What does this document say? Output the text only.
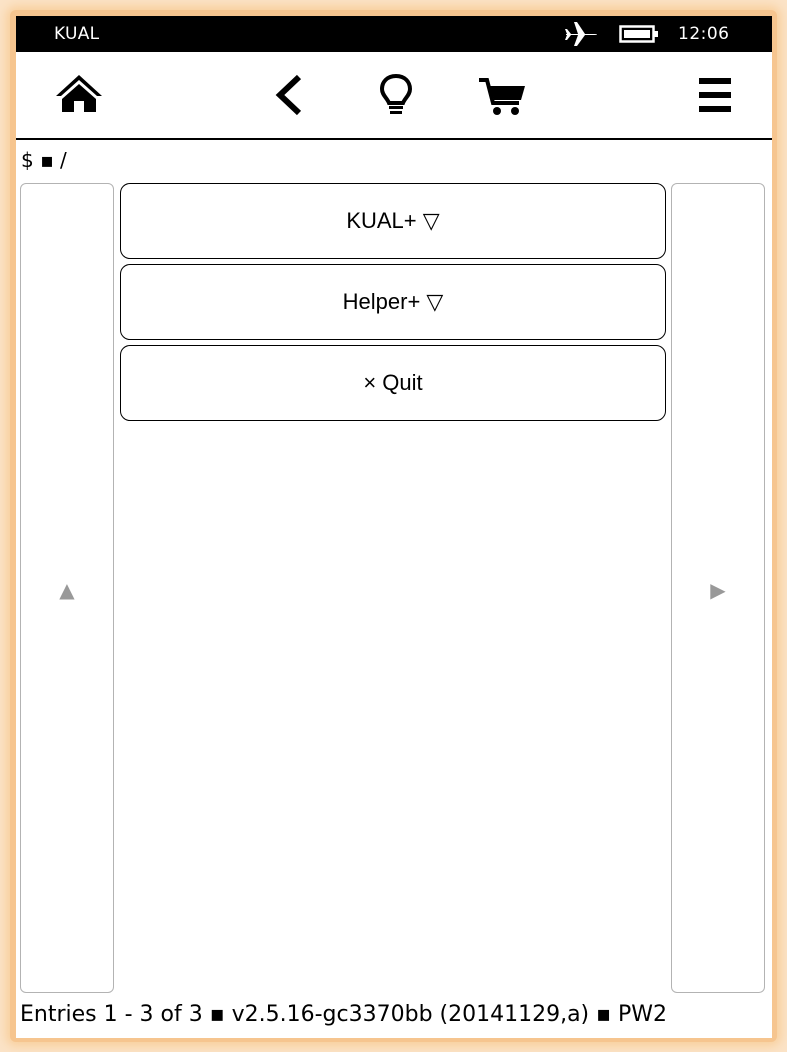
KUAL	12:06
$ ▪ /
▲
KUAL+ ▽
Helper+ ▽
× Quit
▶
Entries 1 - 3 of 3 ▪ v2.5.16-gc3370bb (20141129,a) ▪ PW2
